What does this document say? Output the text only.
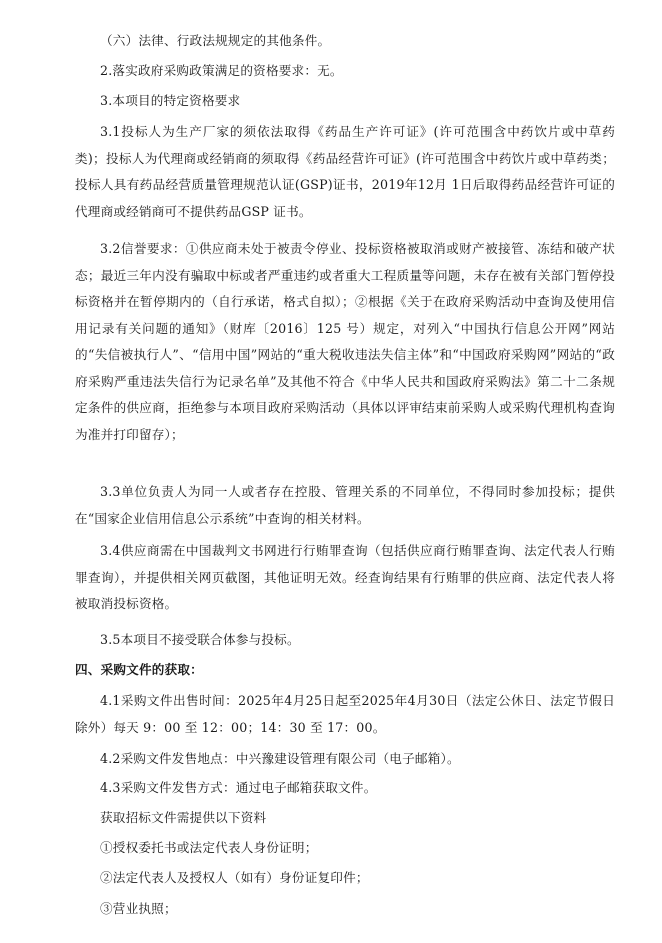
（六）法律、行政法规规定的其他条件。

2.落实政府采购政策满足的资格要求：无。

3.本项目的特定资格要求

3.1投标人为生产厂家的须依法取得《药品生产许可证》(许可范围含中药饮片或中草药类)；投标人为代理商或经销商的须取得《药品经营许可证》(许可范围含中药饮片或中草药类；投标人具有药品经营质量管理规范认证(GSP)证书，2019年12月 1日后取得药品经营许可证的代理商或经销商可不提供药品GSP 证书。

3.2信誉要求：①供应商未处于被责令停业、投标资格被取消或财产被接管、冻结和破产状态；最近三年内没有骗取中标或者严重违约或者重大工程质量等问题，未存在被有关部门暂停投标资格并在暂停期内的（自行承诺，格式自拟）；②根据《关于在政府采购活动中查询及使用信用记录有关问题的通知》（财库〔2016〕125 号）规定，对列入“中国执行信息公开网”网站的“失信被执行人”、“信用中国”网站的“重大税收违法失信主体”和“中国政府采购网”网站的“政府采购严重违法失信行为记录名单”及其他不符合《中华人民共和国政府采购法》第二十二条规定条件的供应商，拒绝参与本项目政府采购活动（具体以评审结束前采购人或采购代理机构查询为准并打印留存）；

3.3单位负责人为同一人或者存在控股、管理关系的不同单位，不得同时参加投标；提供在“国家企业信用信息公示系统”中查询的相关材料。

3.4供应商需在中国裁判文书网进行行贿罪查询（包括供应商行贿罪查询、法定代表人行贿罪查询），并提供相关网页截图，其他证明无效。经查询结果有行贿罪的供应商、法定代表人将被取消投标资格。

3.5本项目不接受联合体参与投标。

四、采购文件的获取：

4.1采购文件出售时间：2025年4月25日起至2025年4月30日（法定公休日、法定节假日除外）每天 9：00 至 12：00；14：30 至 17：00。

4.2采购文件发售地点：中兴豫建设管理有限公司（电子邮箱）。

4.3采购文件发售方式：通过电子邮箱获取文件。

获取招标文件需提供以下资料

①授权委托书或法定代表人身份证明；

②法定代表人及授权人（如有）身份证复印件；

③营业执照；
